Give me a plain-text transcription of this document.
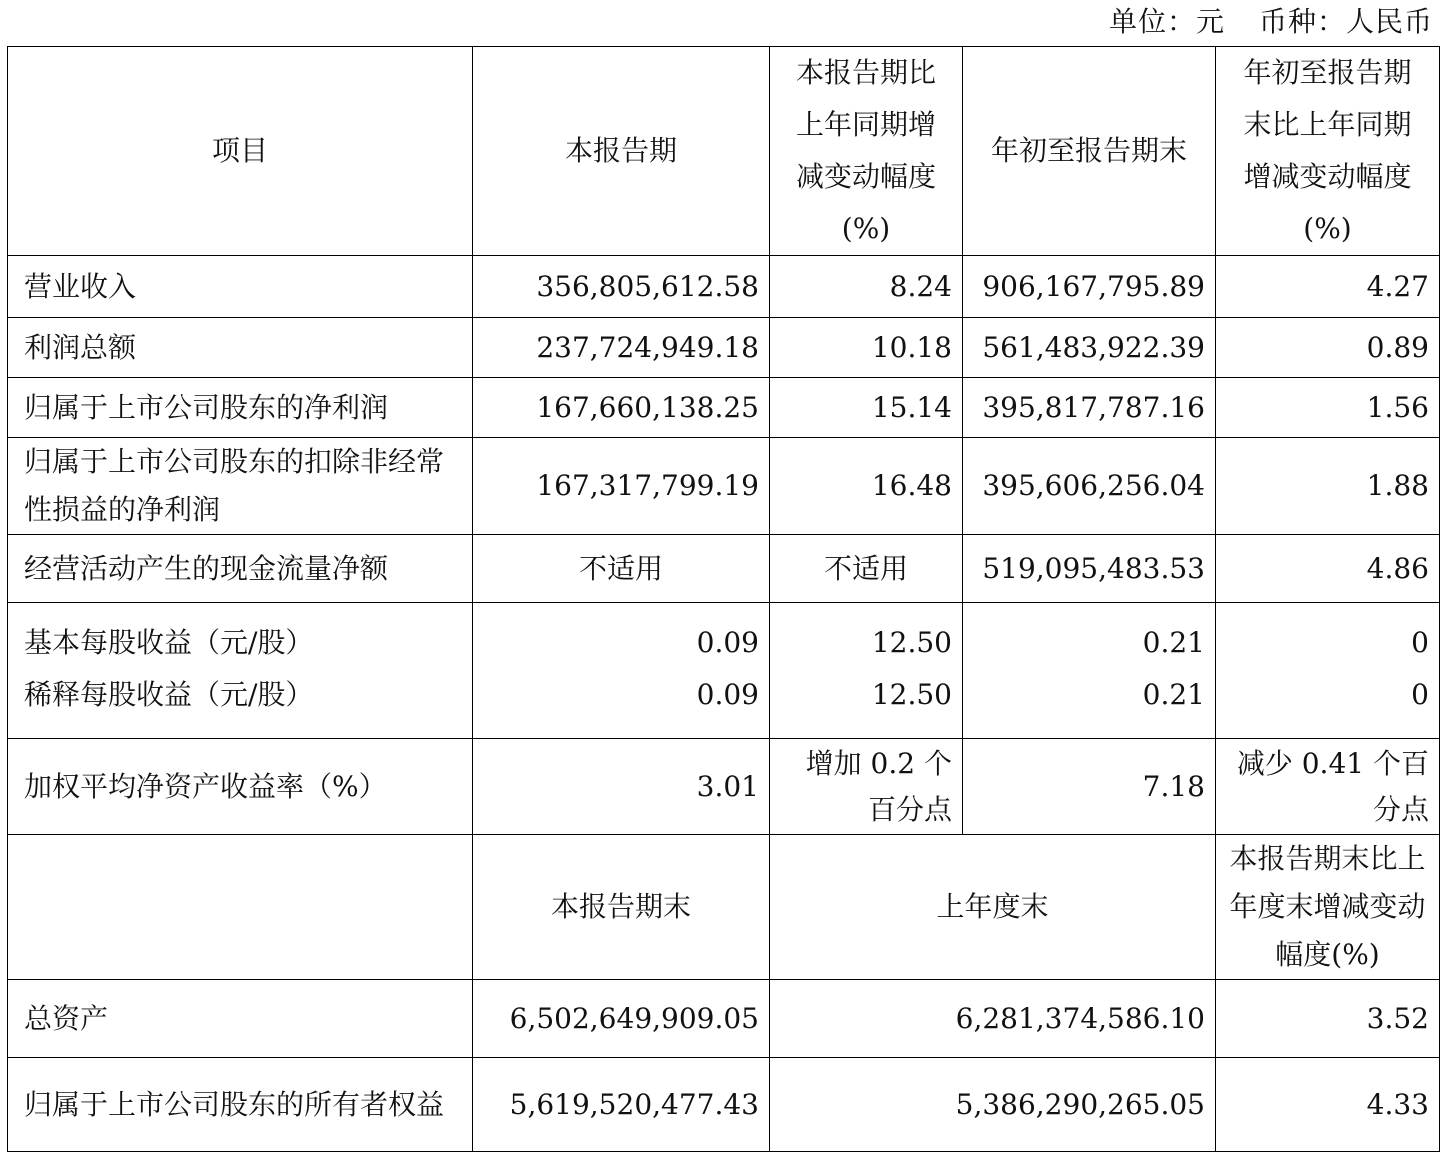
单位：元 币种：人民币
项目	本报告期	本报告期比上年同期增减变动幅度(%)	年初至报告期末	年初至报告期末比上年同期增减变动幅度(%)
营业收入	356,805,612.58	8.24	906,167,795.89	4.27
利润总额	237,724,949.18	10.18	561,483,922.39	0.89
归属于上市公司股东的净利润	167,660,138.25	15.14	395,817,787.16	1.56
归属于上市公司股东的扣除非经常性损益的净利润	167,317,799.19	16.48	395,606,256.04	1.88
经营活动产生的现金流量净额	不适用	不适用	519,095,483.53	4.86
基本每股收益（元/股）	0.09	12.50	0.21	0
稀释每股收益（元/股）	0.09	12.50	0.21	0
加权平均净资产收益率（%）	3.01	增加 0.2 个百分点	7.18	减少 0.41 个百分点
	本报告期末	上年度末		本报告期末比上年度末增减变动幅度(%)
总资产	6,502,649,909.05	6,281,374,586.10		3.52
归属于上市公司股东的所有者权益	5,619,520,477.43	5,386,290,265.05		4.33
